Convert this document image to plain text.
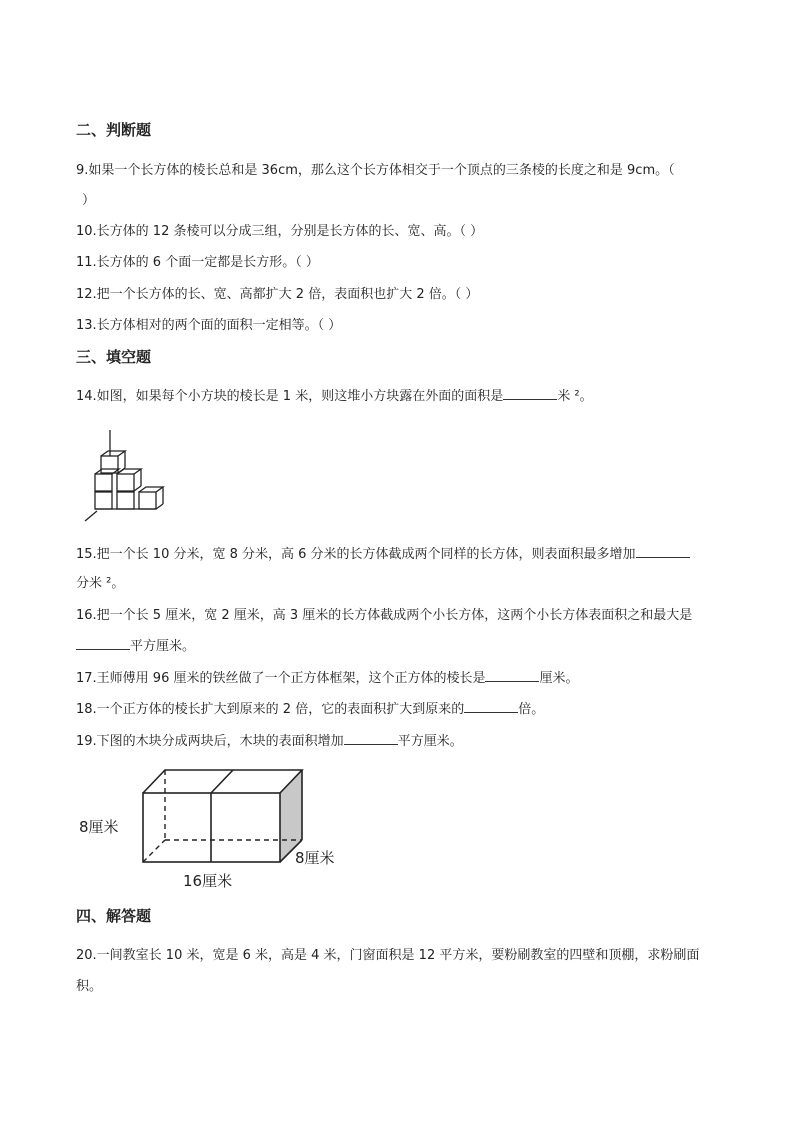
二、判断题
9.如果一个长方体的棱长总和是 36cm，那么这个长方体相交于一个顶点的三条棱的长度之和是 9cm。（
）
10.长方体的 12 条棱可以分成三组，分别是长方体的长、宽、高。（ ）
11.长方体的 6 个面一定都是长方形。（ ）
12.把一个长方体的长、宽、高都扩大 2 倍，表面积也扩大 2 倍。（ ）
13.长方体相对的两个面的面积一定相等。（ ）
三、填空题
14.如图，如果每个小方块的棱长是 1 米，则这堆小方块露在外面的面积是	米 ²。
15.把一个长 10 分米，宽 8 分米，高 6 分米的长方体截成两个同样的长方体，则表面积最多增加
分米 ²。
16.把一个长 5 厘米，宽 2 厘米，高 3 厘米的长方体截成两个小长方体，这两个小长方体表面积之和最大是
平方厘米。
17.王师傅用 96 厘米的铁丝做了一个正方体框架，这个正方体的棱长是	厘米。
18.一个正方体的棱长扩大到原来的 2 倍，它的表面积扩大到原来的	倍。
19.下图的木块分成两块后，木块的表面积增加	平方厘米。
8厘米
8厘米
16厘米
四、解答题
20.一间教室长 10 米，宽是 6 米，高是 4 米，门窗面积是 12 平方米，要粉刷教室的四壁和顶棚，求粉刷面
积。
